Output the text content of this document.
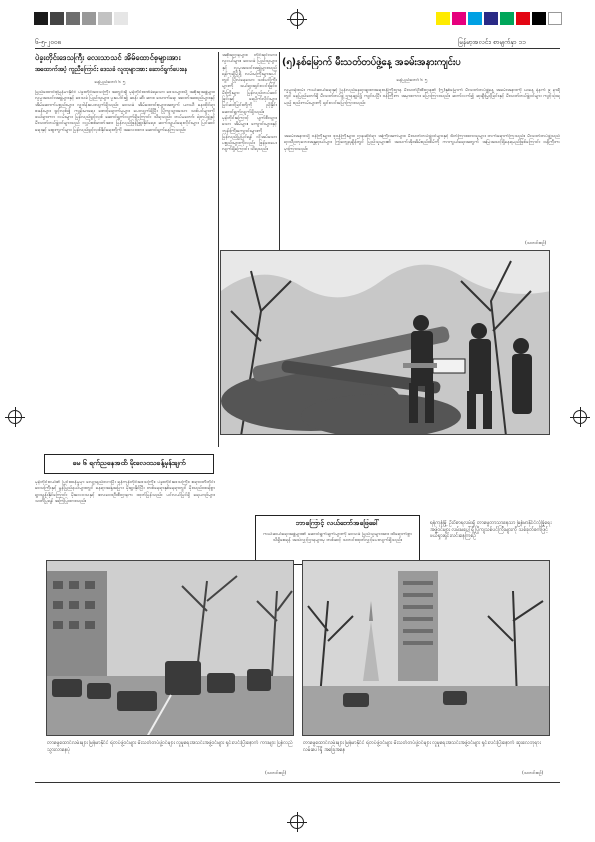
၆-၅-၂၀၀၈	မြန်မာ့အလင်း၊ စာမျက်နှာ ၁၁
ပဲခူးတိုင်းဒေသကြီး လေးသာသင် အိမ်ထောင်စုများအား
အထောက်အပံ့ ကူညီကြောင်း ဒေသခံ လူထုများအား ဆောင်ရွက်ပေးနေ
နေပြည်တော် ၆ ၅
ပြည်ထောင်စုမြန်မာနိုင်ငံ ပဲခူးတိုင်းဒေသကြီး အတွင်းရှိ မုန်တိုင်းဒဏ်ခံရသော ဒေသများသို့ အစိုးရအဖွဲ့များ၊ လူမှုအသင်းအဖွဲ့များနှင့် ဒေသခံ ပြည်သူများ ပူးပေါင်း၍ ဆန်၊ ဆီ၊ ဆား၊ သောက်ရေ၊ အဝတ်အထည်များနှင့် အိမ်ဆောက်ပစ္စည်းများ လှူဒါန်းပေးလျက်ရှိသည်။ ဒေသခံ အိမ်ထောင်စုများအတွက် ယာယီ နေထိုင်ရာ စခန်းများ ဖွင့်လှစ်၍ ကျန်းမာရေး စောင့်ရှောက်မှုများ ပေးလျက်ရှိပြီး ပြိုကျသွားသော သစ်ပင်များကို ဖယ်ရှားကာ လမ်းများ ပြန်လည်ဖွင့်လှစ် ဆောင်ရွက်လျက်ရှိကြောင်း သိရသည်။ တပ်မတော်၊ ရဲတပ်ဖွဲ့နှင့် မီးသတ်တပ်ဖွဲ့ဝင်များသည် လျှပ်စစ်ဓာတ်အား ပြန်လည်ဖြန့်ဖြူးနိုင်ရေး၊ ဆက်သွယ်ရေးလိုင်းများ ပြင်ဆင်ရေးနှင့် ဈေးကွက်များ ပြန်လည်ဖွင့်လှစ်နိုင်ရေးတို့ကို အလေးထား ဆောင်ရွက်နေကြသည်။
အစိုးရဌာနများ၊ တိုင်းရင်းသားလူငယ်များ၊ ဒေသခံ ပြည်သူများနှင့် လူမှုအသင်းအဖွဲ့များသည် ရန်ကုန်မြို့ရှိ လမ်းမကြီးများပေါ်တွင် ပြိုလဲနေသော သစ်ပင်ကြီးများကို ဖယ်ရှားရှင်းလင်းခြင်း၊ မီးကြိုးများ ပြန်လည်တပ်ဆင်ခြင်းနှင့် ရေပိုက်လိုင်းများ ပြင်ဆင်ခြင်းတို့ကို ညှိနှိုင်းဆောင်ရွက်လျက်ရှိသည်။ မုန်တိုင်းကြောင့် ပျက်စီးသွားသော အိမ်များ၊ ကျောင်းများနှင့် ဘုန်းကြီးကျောင်းများကို ပြန်လည်ပြုပြင်ရန် လိုအပ်သော ပစ္စည်းများကိုလည်း ဖြန့်ဝေပေးလျက်ရှိကြောင်း သိရသည်။
(၅)နစ်မြောက် မီးသတ်တပ်ဖွဲ့နေ့ အခမ်းအနားကျင်းပ
နေပြည်တော် ၆ ၅
လှုမှုဝန်ထမ်း ကယ်ဆယ်ရေးနှင့် ပြန်လည်နေရာချထားရေးဝန်ကြီးဌာန မီးသတ်ဦးစီးဌာန၏ (၅)နှစ်မြောက် မီးသတ်တပ်ဖွဲ့နေ့ အခမ်းအနားကို ယနေ့ နံနက် ၉ နာရီတွင် နေပြည်တော်ရှိ မီးသတ်တပ်ဖွဲ့ ဌာနချုပ်၌ ကျင်းပပြီး ဝန်ကြီးက အမှာစကား ပြောကြားသည်။ ဆက်လက်၍ ဆုချီးမြှင့်ခြင်းနှင့် မီးသတ်တပ်ဖွဲ့ဝင်များ ကျင့်သုံးရမည့် စည်းကမ်းများကို ရှင်းလင်းပြောကြားသည်။
အခမ်းအနားသို့ ဝန်ကြီးများ၊ ဒုဝန်ကြီးများ၊ ဌာနဆိုင်ရာ အကြီးအကဲများ၊ မီးသတ်တပ်ဖွဲ့ဝင်များနှင့် ဖိတ်ကြားထားသူများ တက်ရောက်ကြသည်။ မီးသတ်တပ်ဖွဲ့သည် ရာသီဥတုဘေးအန္တရာယ်များ ကြုံတွေ့ရချိန်တွင် ပြည်သူများ၏ အသက်အိုးအိမ်စည်းစိမ်ကို ကာကွယ်ရေးအတွက် အမြဲအသင့်ရှိနေရမည်ဖြစ်ကြောင်း ဝန်ကြီးက မှာကြားသည်။
(သတင်းစဉ်)
ရန်ကုန်မြို့ ဦးဝိစာရလမ်းရှိ တာမွေတာသာနေသာ မြန်မာနိုင်ငံလုံခြုံရေး အဖွဲ့ဝင်များ လမ်းမပေါ်ရှိ ပြိုကျသစ်ပင်ကြီးများကို သစ်ခုတ်စက်ဖြင့် ဖယ်ရှားရှင်းလင်းနေကြစဉ်
မေ ၆ ရက်ညနေအထိ မိုးလေဝသခန့်မှန်းချက်
မုန်တိုင်းငယ်၏ ပြင်းထန်မှုမှာ လျော့နည်းလာပြီး ရန်ကုန်တိုင်းဒေသကြီး၊ ပဲခူးတိုင်းဒေသကြီး၊ ဧရာဝတီတိုင်းဒေသကြီးနှင့် မွန်ပြည်နယ်များတွင် နေရာအနှံ့အပြား မိုးရွာနိုင်ပြီး တစ်နေရာနှစ်နေရာတွင် မိုးသည်းထန်စွာ ရွာသွန်းနိုင်ကြောင်း မိုးလေဝသနှင့် ဇလဗေဒဦးစီးဌာနက ထုတ်ပြန်သည်။ ပင်လယ်ပြင်ရှိ ရေယာဉ်များ သတိပြုရန် အကြံပြုထားသည်။
ဘာကြောင့် လယ်ဘော်အဖြေခေါ်
ကယ်ဆယ်ရေးအဖွဲ့များ၏ ဆောင်ရွက်ချက်များကို ဒေသခံ ပြည်သူများအား ထိရောက်စွာ သိရှိစေရန် အသံလွှင့်ဌာနများမှ တစ်ဆင့် သတင်းထုတ်လွှင့်ပေးလျက်ရှိသည်။
တာမွေထောင်လမ်းများ မြန်မာနိုင်ငံ ရဲတပ်ဖွဲ့ဝင်များ မီးသတ်တပ်ဖွဲ့ဝင်များ လှုမှုရေးအသင်းအဖွဲ့ဝင်များ ရှင်းလင်းပြီးနောက် ကားများ ပြန်လည်သွားလာနေပုံ
(သတင်းစဉ်)
တာမွေထောင်လမ်းများ မြန်မာနိုင်ငံ ရဲတပ်ဖွဲ့ဝင်များ မီးသတ်တပ်ဖွဲ့ဝင်များ လှုမှုရေးအသင်းအဖွဲ့ဝင်များ ရှင်းလင်းပြီးနောက် ဆူးလေဘုရားလမ်းပေါ်ရှိ အခြေအနေ
(သတင်းစဉ်)
